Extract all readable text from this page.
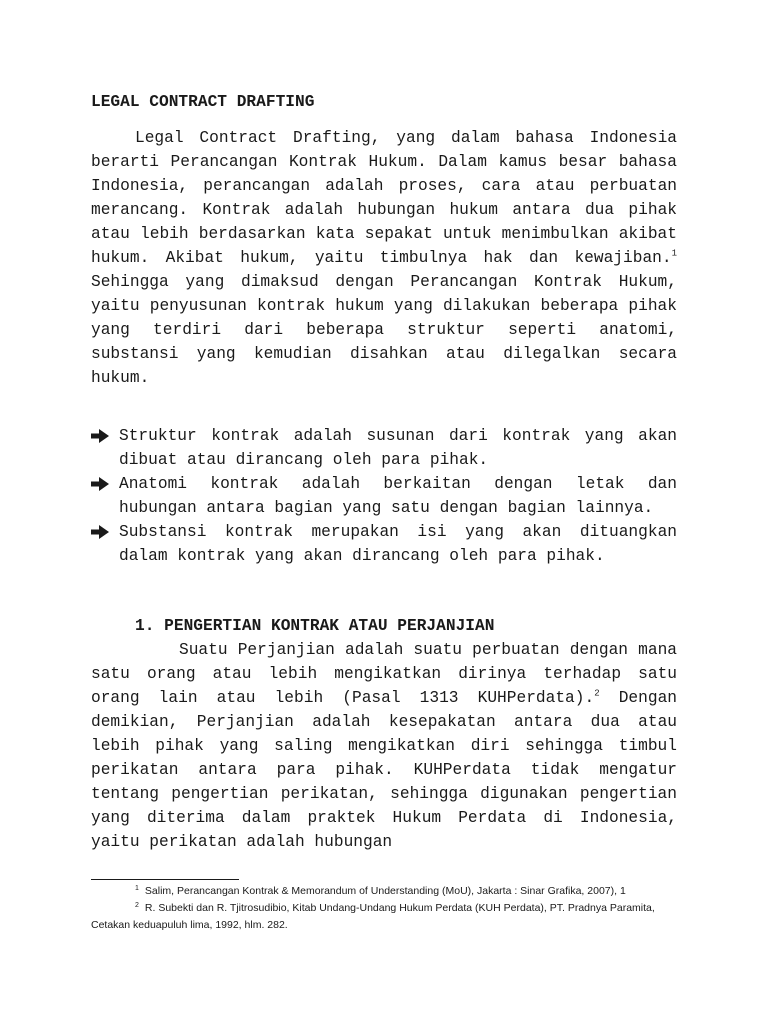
LEGAL CONTRACT DRAFTING

Legal Contract Drafting, yang dalam bahasa Indonesia berarti Perancangan Kontrak Hukum. Dalam kamus besar bahasa Indonesia, perancangan adalah proses, cara atau perbuatan merancang. Kontrak adalah hubungan hukum antara dua pihak atau lebih berdasarkan kata sepakat untuk menimbulkan akibat hukum. Akibat hukum, yaitu timbulnya hak dan kewajiban.$^1$ Sehingga yang dimaksud dengan Perancangan Kontrak Hukum, yaitu penyusunan kontrak hukum yang dilakukan beberapa pihak yang terdiri dari beberapa struktur seperti anatomi, substansi yang kemudian disahkan atau dilegalkan secara hukum.

Struktur kontrak adalah susunan dari kontrak yang akan dibuat atau dirancang oleh para pihak.
Anatomi kontrak adalah berkaitan dengan letak dan hubungan antara bagian yang satu dengan bagian lainnya.
Substansi kontrak merupakan isi yang akan dituangkan dalam kontrak yang akan dirancang oleh para pihak.
1. PENGERTIAN KONTRAK ATAU PERJANJIAN

Suatu Perjanjian adalah suatu perbuatan dengan mana satu orang atau lebih mengikatkan dirinya terhadap satu orang lain atau lebih (Pasal 1313 KUHPerdata).$^2$ Dengan demikian, Perjanjian adalah kesepakatan antara dua atau lebih pihak yang saling mengikatkan diri sehingga timbul perikatan antara para pihak. KUHPerdata tidak mengatur tentang pengertian perikatan, sehingga digunakan pengertian yang diterima dalam praktek Hukum Perdata di Indonesia, yaitu perikatan adalah hubungan

$^1$ Salim, Perancangan Kontrak & Memorandum of Understanding (MoU), Jakarta : Sinar Grafika, 2007), 1

$^2$ R. Subekti dan R. Tjitrosudibio, Kitab Undang-Undang Hukum Perdata (KUH Perdata), PT. Pradnya Paramita, Cetakan keduapuluh lima, 1992, hlm. 282.
